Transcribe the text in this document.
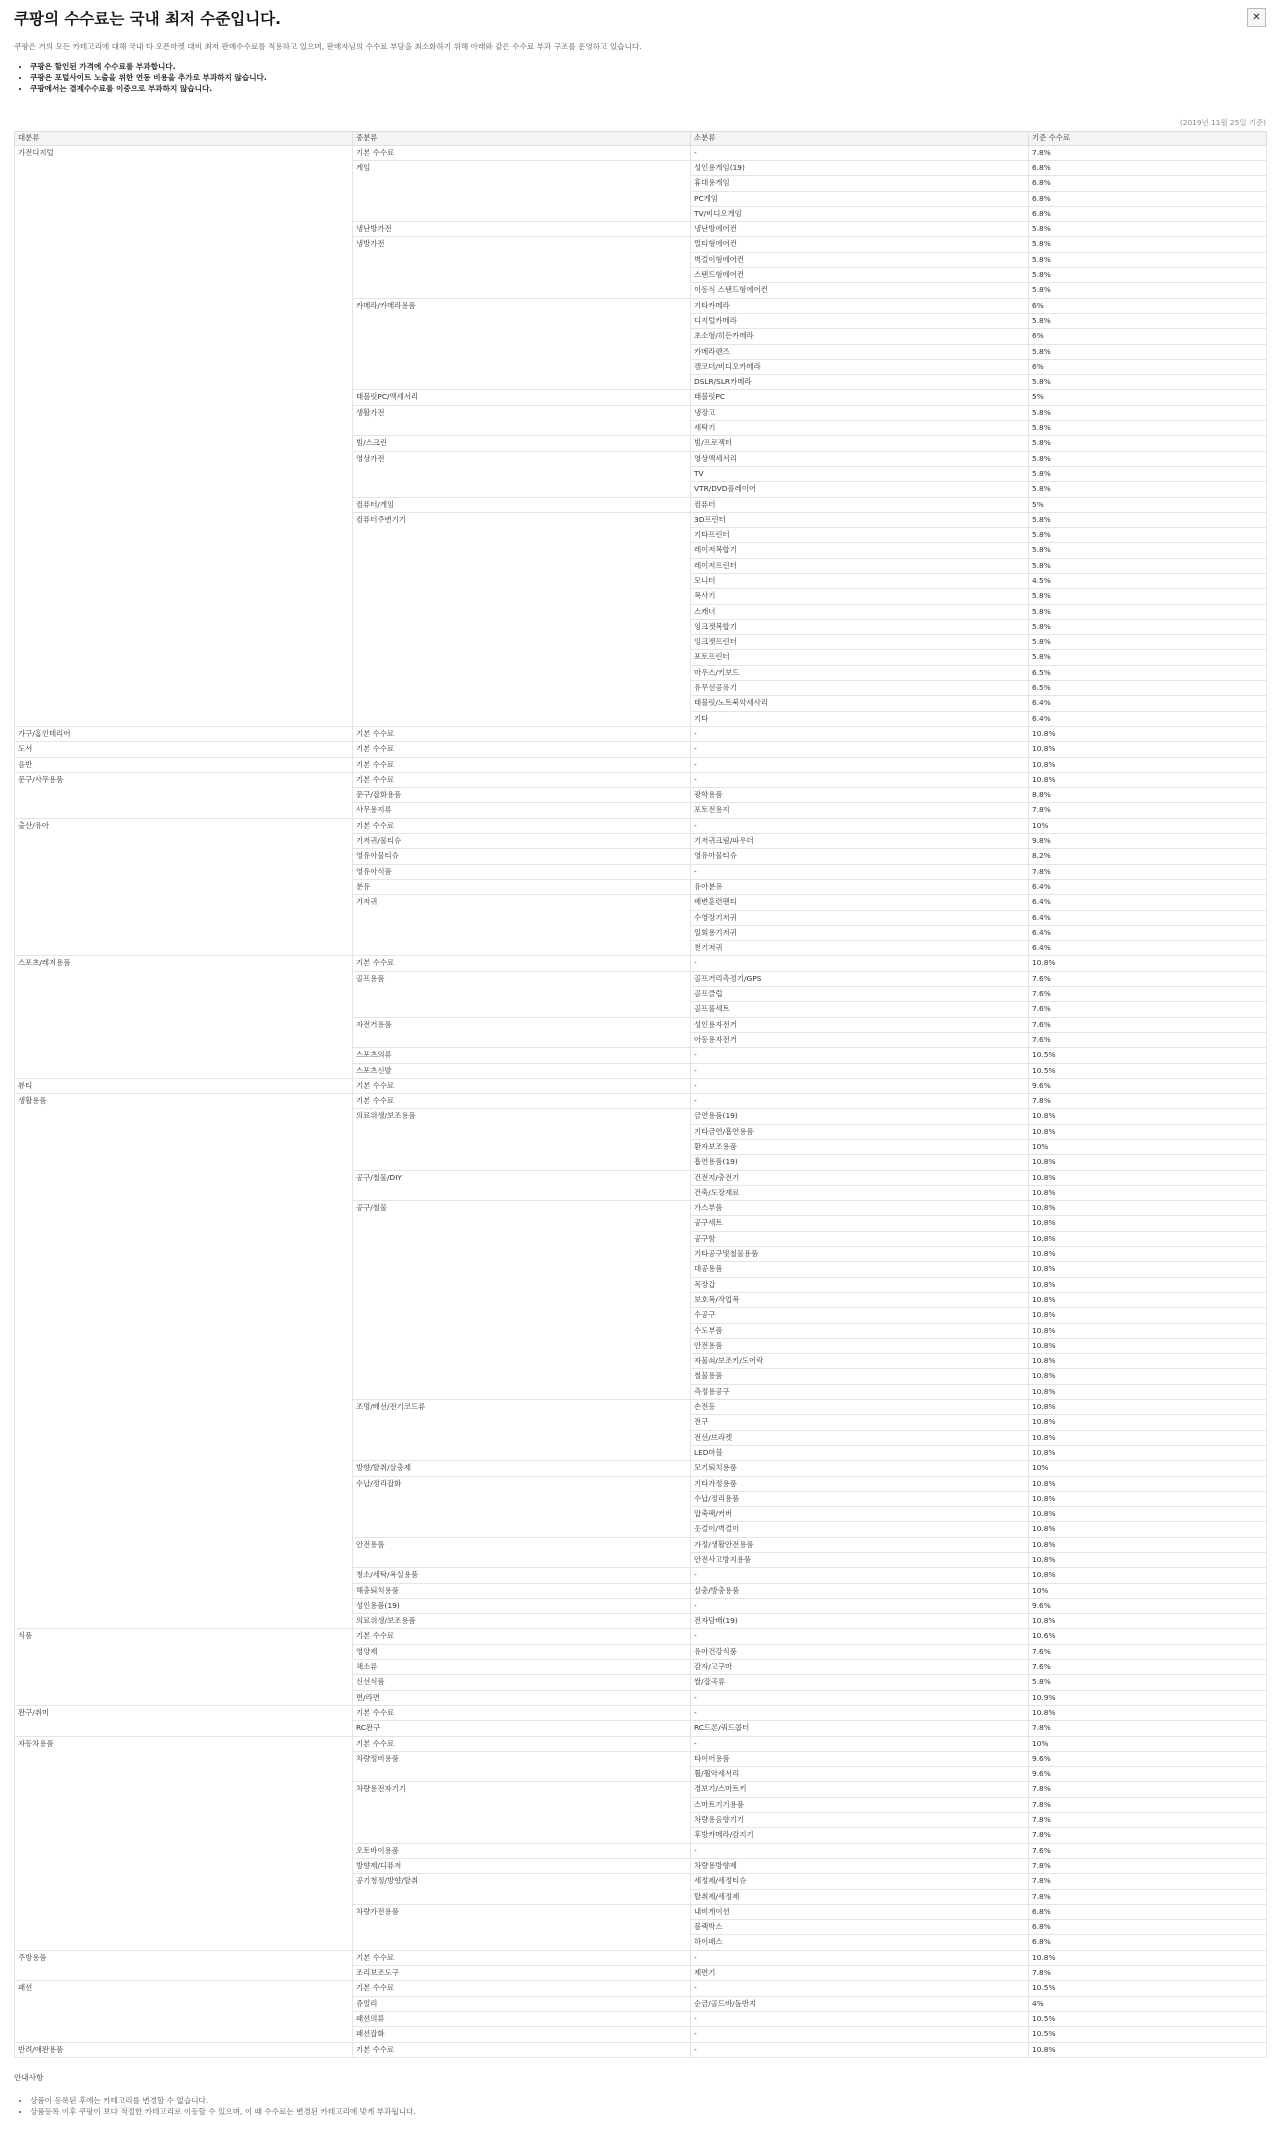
쿠팡의 수수료는 국내 최저 수준입니다.	✕

쿠팡은 거의 모든 카테고리에 대해 국내 타 오픈마켓 대비 최저 판매수수료를 적용하고 있으며, 판매자님의 수수료 부담을 최소화하기 위해 아래와 같은 수수료 부과 구조를 운영하고 있습니다.

• 쿠팡은 할인된 가격에 수수료를 부과합니다.
• 쿠팡은 포털사이트 노출을 위한 연동 비용을 추가로 부과하지 않습니다.
• 쿠팡에서는 결제수수료를 이중으로 부과하지 않습니다.
(2019년 11월 25일 기준)
대분류	중분류	소분류	기준 수수료
가전디지털	기본 수수료	-	7.8%
	게임	성인용게임(19)	6.8%
		휴대용게임	6.8%
		PC게임	6.8%
		TV/비디오게임	6.8%
	냉난방가전	냉난방에어컨	5.8%
	냉방가전	멀티형에어컨	5.8%
		벽걸이형에어컨	5.8%
		스탠드형에어컨	5.8%
		이동식 스탠드형에어컨	5.8%
	카메라/카메라용품	기타카메라	6%
		디지털카메라	5.8%
		초소형/히든카메라	6%
		카메라렌즈	5.8%
		캠코더/비디오카메라	6%
		DSLR/SLR카메라	5.8%
	태블릿PC/액세서리	태블릿PC	5%
	생활가전	냉장고	5.8%
		세탁기	5.8%
	빔/스크린	빔/프로젝터	5.8%
	영상가전	영상액세서리	5.8%
		TV	5.8%
		VTR/DVD플레이어	5.8%
	컴퓨터/게임	컴퓨터	5%
	컴퓨터주변기기	3D프린터	5.8%
		기타프린터	5.8%
		레이저복합기	5.8%
		레이저프린터	5.8%
		모니터	4.5%
		복사기	5.8%
		스캐너	5.8%
		잉크젯복합기	5.8%
		잉크젯프린터	5.8%
		포토프린터	5.8%
		마우스/키보드	6.5%
		유무선공유기	6.5%
		태블릿/노트북악세사리	6.4%
		기타	6.4%
가구/홈인테리어	기본 수수료	-	10.8%
도서	기본 수수료	-	10.8%
음반	기본 수수료	-	10.8%
문구/사무용품	기본 수수료	-	10.8%
	문구/잡화용품	광학용품	8.8%
	사무용지류	포토전용지	7.8%
출산/유아	기본 수수료	-	10%
	기저귀/물티슈	기저귀크림/파우더	9.8%
	영유아물티슈	영유아물티슈	8.2%
	영유아식품	-	7.8%
	분유	유아분유	6.4%
	기저귀	배변훈련팬티	6.4%
		수영장기저귀	6.4%
		일회용기저귀	6.4%
		천기저귀	6.4%
스포츠/레저용품	기본 수수료	-	10.8%
	골프용품	골프거리측정기/GPS	7.6%
		골프클럽	7.6%
		골프풀세트	7.6%
	자전거용품	성인용자전거	7.6%
		아동용자전거	7.6%
	스포츠의류	-	10.5%
	스포츠신발	-	10.5%
뷰티	기본 수수료	-	9.6%
생활용품	기본 수수료	-	7.8%
	의료위생/보조용품	금연용품(19)	10.8%
		기타금연/흡연용품	10.8%
		환자보조용품	10%
		흡연용품(19)	10.8%
	공구/철물/DIY	건전지/충전기	10.8%
		건축/도장재료	10.8%
	공구/철물	가스부품	10.8%
		공구세트	10.8%
		공구함	10.8%
		기타공구및철물용품	10.8%
		대공용품	10.8%
		목장갑	10.8%
		보호복/작업복	10.8%
		수공구	10.8%
		수도부품	10.8%
		안전용품	10.8%
		자물쇠/보조키/도어락	10.8%
		철물용품	10.8%
		측정용공구	10.8%
	조명/배선/전기코드류	손전등	10.8%
		전구	10.8%
		전선/브라켓	10.8%
		LED마블	10.8%
	방향/탈취/살충제	모기퇴치용품	10%
	수납/정리잡화	기타가정용품	10.8%
		수납/정리용품	10.8%
		압축팩/커버	10.8%
		옷걸이/벽걸이	10.8%
	안전용품	가정/생활안전용품	10.8%
		안전사고방지용품	10.8%
	청소/세탁/욕실용품	-	10.8%
	해충퇴치용품	살충/방충용품	10%
	성인용품(19)	-	9.6%
	의료위생/보조용품	전자담배(19)	10.8%
식품	기본 수수료	-	10.6%
	영양제	유아건강식품	7.6%
	채소류	감자/고구마	7.6%
	신선식품	쌀/잡곡류	5.8%
	면/라면	-	10.9%
완구/취미	기본 수수료	-	10.8%
	RC완구	RC드론/쿼드콥터	7.8%
자동차용품	기본 수수료	-	10%
	차량정비용품	타이어용품	9.6%
		휠/휠악세서리	9.6%
	차량용전자기기	경보기/스마트키	7.8%
		스마트기기용품	7.8%
		차량용음향기기	7.8%
		후방카메라/감지기	7.8%
	오토바이용품	-	7.6%
	방향제/디퓨저	차량용방향제	7.8%
	공기청정/방향/탈취	세정제/세정티슈	7.8%
		탈취제/세정제	7.8%
	차량가전용품	내비게이션	6.8%
		블랙박스	6.8%
		하이패스	6.8%
주방용품	기본 수수료	-	10.8%
	조리보조도구	제면기	7.8%
패션	기본 수수료	-	10.5%
	쥬얼리	순금/골드바/돌반지	4%
	패션의류	-	10.5%
	패션잡화	-	10.5%
반려/애완용품	기본 수수료	-	10.8%

안내사항

• 상품이 등록된 후에는 카테고리를 변경할 수 없습니다.
• 상품등록 이후 쿠팡이 보다 적절한 카테고리로 이동할 수 있으며, 이 때 수수료는 변경된 카테고리에 맞게 부과됩니다.
